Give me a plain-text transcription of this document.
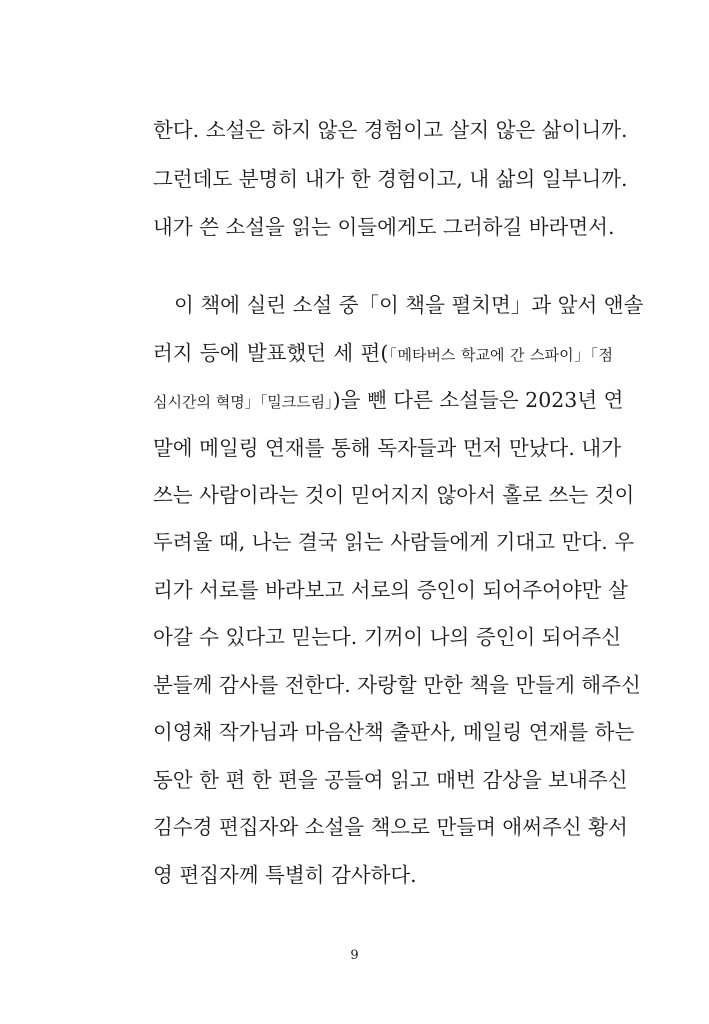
한다. 소설은 하지 않은 경험이고 살지 않은 삶이니까.
그런데도 분명히 내가 한 경험이고, 내 삶의 일부니까.
내가 쓴 소설을 읽는 이들에게도 그러하길 바라면서.
이 책에 실린 소설 중「이 책을 펼치면」과 앞서 앤솔
러지 등에 발표했던 세 편(「메타버스 학교에 간 스파이」「점
심시간의 혁명」「밀크드림」)을 뺀 다른 소설들은 2023년 연
말에 메일링 연재를 통해 독자들과 먼저 만났다. 내가
쓰는 사람이라는 것이 믿어지지 않아서 홀로 쓰는 것이
두려울 때, 나는 결국 읽는 사람들에게 기대고 만다. 우
리가 서로를 바라보고 서로의 증인이 되어주어야만 살
아갈 수 있다고 믿는다. 기꺼이 나의 증인이 되어주신
분들께 감사를 전한다. 자랑할 만한 책을 만들게 해주신
이영채 작가님과 마음산책 출판사, 메일링 연재를 하는
동안 한 편 한 편을 공들여 읽고 매번 감상을 보내주신
김수경 편집자와 소설을 책으로 만들며 애써주신 황서
영 편집자께 특별히 감사하다.
9
